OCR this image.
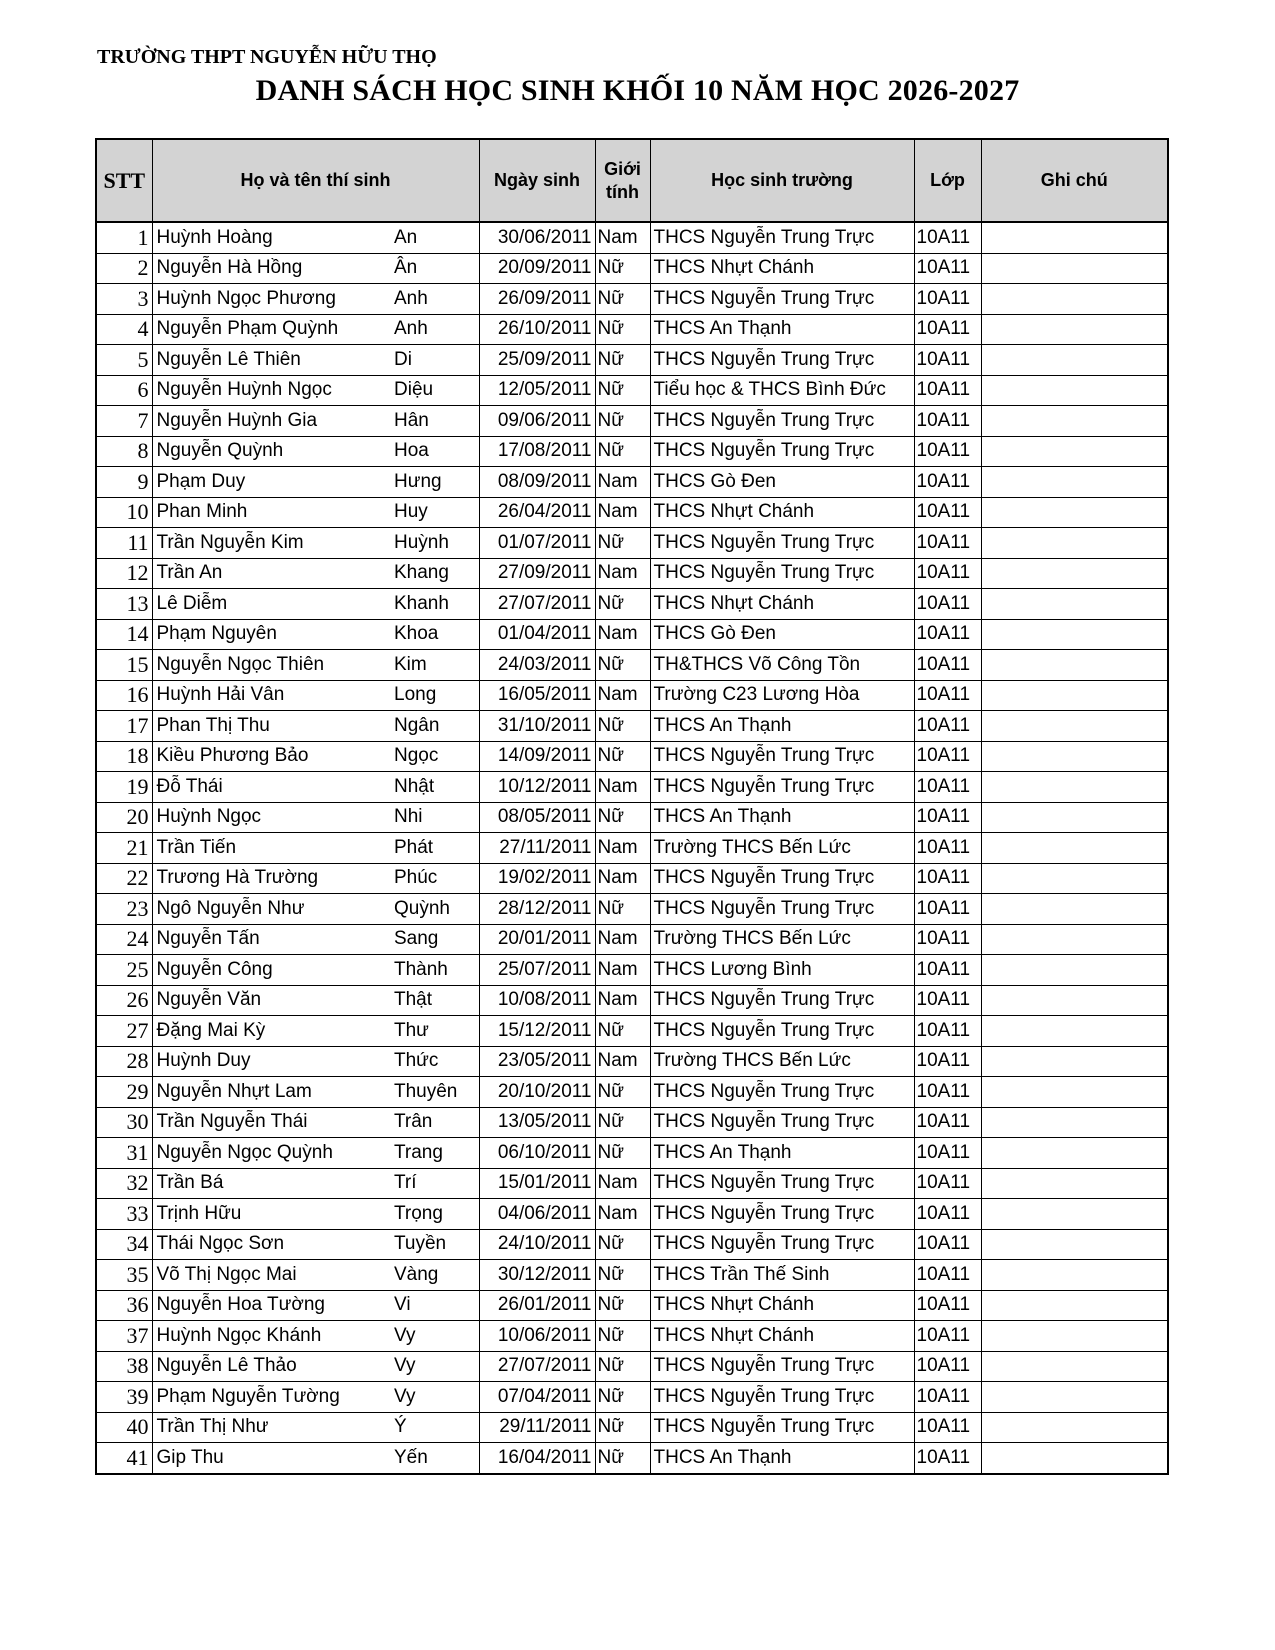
TRƯỜNG THPT NGUYỄN HỮU THỌ
DANH SÁCH HỌC SINH KHỐI 10 NĂM HỌC 2026-2027
STT	Họ và tên thí sinh		Ngày sinh	Giới tính	Học sinh trường	Lớp	Ghi chú
1	Huỳnh Hoàng	An	30/06/2011	Nam	THCS Nguyễn Trung Trực	10A11	
2	Nguyễn Hà Hồng	Ân	20/09/2011	Nữ	THCS Nhựt Chánh	10A11	
3	Huỳnh Ngọc Phương	Anh	26/09/2011	Nữ	THCS Nguyễn Trung Trực	10A11	
4	Nguyễn Phạm Quỳnh	Anh	26/10/2011	Nữ	THCS An Thạnh	10A11	
5	Nguyễn Lê Thiên	Di	25/09/2011	Nữ	THCS Nguyễn Trung Trực	10A11	
6	Nguyễn Huỳnh Ngọc	Diệu	12/05/2011	Nữ	Tiểu học & THCS Bình Đức	10A11	
7	Nguyễn Huỳnh Gia	Hân	09/06/2011	Nữ	THCS Nguyễn Trung Trực	10A11	
8	Nguyễn Quỳnh	Hoa	17/08/2011	Nữ	THCS Nguyễn Trung Trực	10A11	
9	Phạm Duy	Hưng	08/09/2011	Nam	THCS Gò Đen	10A11	
10	Phan Minh	Huy	26/04/2011	Nam	THCS Nhựt Chánh	10A11	
11	Trần Nguyễn Kim	Huỳnh	01/07/2011	Nữ	THCS Nguyễn Trung Trực	10A11	
12	Trần An	Khang	27/09/2011	Nam	THCS Nguyễn Trung Trực	10A11	
13	Lê Diễm	Khanh	27/07/2011	Nữ	THCS Nhựt Chánh	10A11	
14	Phạm Nguyên	Khoa	01/04/2011	Nam	THCS Gò Đen	10A11	
15	Nguyễn Ngọc Thiên	Kim	24/03/2011	Nữ	TH&THCS Võ Công Tồn	10A11	
16	Huỳnh Hải Vân	Long	16/05/2011	Nam	Trường C23 Lương Hòa	10A11	
17	Phan Thị Thu	Ngân	31/10/2011	Nữ	THCS An Thạnh	10A11	
18	Kiều Phương Bảo	Ngọc	14/09/2011	Nữ	THCS Nguyễn Trung Trực	10A11	
19	Đỗ Thái	Nhật	10/12/2011	Nam	THCS Nguyễn Trung Trực	10A11	
20	Huỳnh Ngọc	Nhi	08/05/2011	Nữ	THCS An Thạnh	10A11	
21	Trần Tiến	Phát	27/11/2011	Nam	Trường THCS Bến Lức	10A11	
22	Trương Hà Trường	Phúc	19/02/2011	Nam	THCS Nguyễn Trung Trực	10A11	
23	Ngô Nguyễn Như	Quỳnh	28/12/2011	Nữ	THCS Nguyễn Trung Trực	10A11	
24	Nguyễn Tấn	Sang	20/01/2011	Nam	Trường THCS Bến Lức	10A11	
25	Nguyễn Công	Thành	25/07/2011	Nam	THCS Lương Bình	10A11	
26	Nguyễn Văn	Thật	10/08/2011	Nam	THCS Nguyễn Trung Trực	10A11	
27	Đặng Mai Kỳ	Thư	15/12/2011	Nữ	THCS Nguyễn Trung Trực	10A11	
28	Huỳnh Duy	Thức	23/05/2011	Nam	Trường THCS Bến Lức	10A11	
29	Nguyễn Nhựt Lam	Thuyên	20/10/2011	Nữ	THCS Nguyễn Trung Trực	10A11	
30	Trần Nguyễn Thái	Trân	13/05/2011	Nữ	THCS Nguyễn Trung Trực	10A11	
31	Nguyễn Ngọc Quỳnh	Trang	06/10/2011	Nữ	THCS An Thạnh	10A11	
32	Trần Bá	Trí	15/01/2011	Nam	THCS Nguyễn Trung Trực	10A11	
33	Trịnh Hữu	Trọng	04/06/2011	Nam	THCS Nguyễn Trung Trực	10A11	
34	Thái Ngọc Sơn	Tuyền	24/10/2011	Nữ	THCS Nguyễn Trung Trực	10A11	
35	Võ Thị Ngọc Mai	Vàng	30/12/2011	Nữ	THCS Trần Thế Sinh	10A11	
36	Nguyễn Hoa Tường	Vi	26/01/2011	Nữ	THCS Nhựt Chánh	10A11	
37	Huỳnh Ngọc Khánh	Vy	10/06/2011	Nữ	THCS Nhựt Chánh	10A11	
38	Nguyễn Lê Thảo	Vy	27/07/2011	Nữ	THCS Nguyễn Trung Trực	10A11	
39	Phạm Nguyễn Tường	Vy	07/04/2011	Nữ	THCS Nguyễn Trung Trực	10A11	
40	Trần Thị Như	Ý	29/11/2011	Nữ	THCS Nguyễn Trung Trực	10A11	
41	Gip Thu	Yến	16/04/2011	Nữ	THCS An Thạnh	10A11	
